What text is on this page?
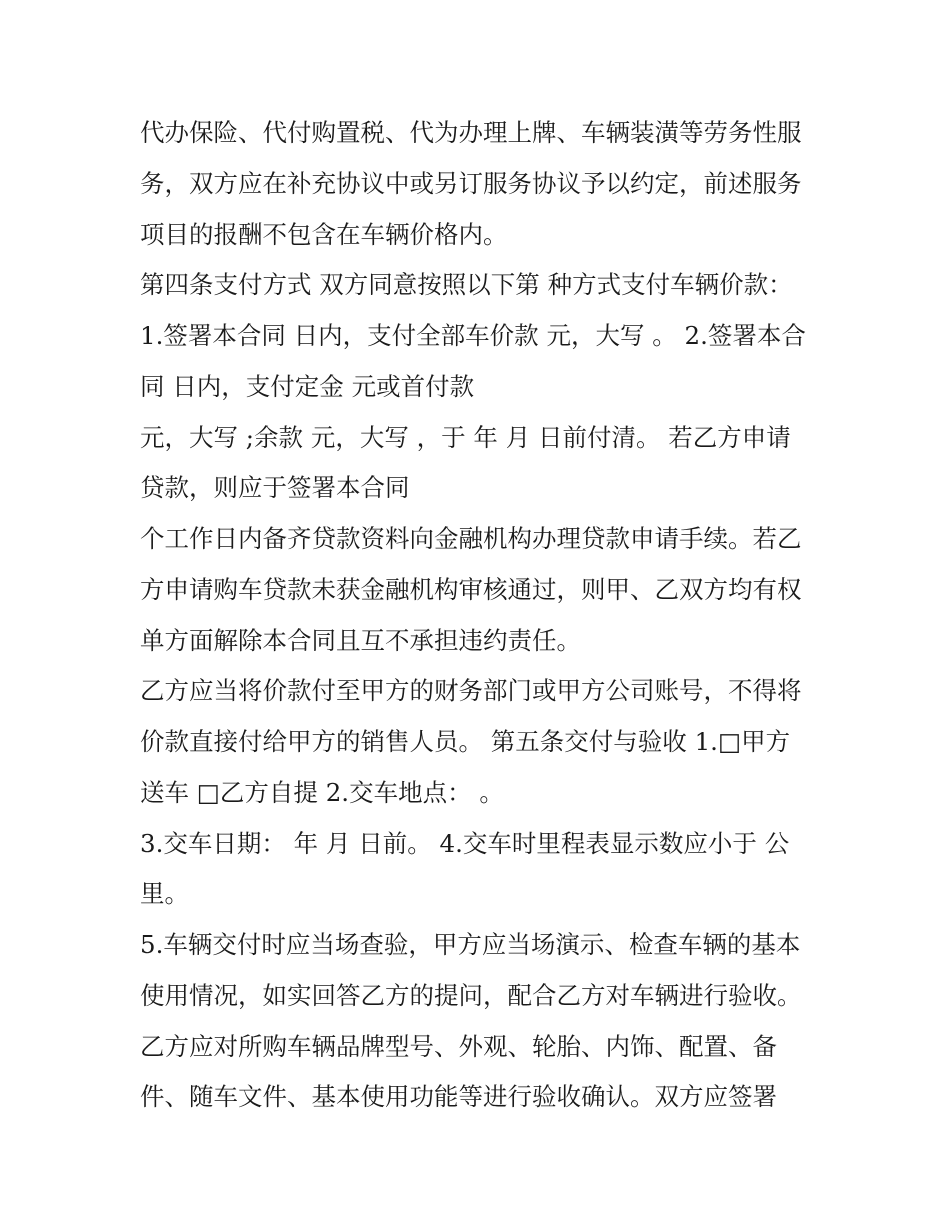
代办保险、代付购置税、代为办理上牌、车辆装潢等劳务性服
务，双方应在补充协议中或另订服务协议予以约定，前述服务
项目的报酬不包含在车辆价格内。
第四条支付方式 双方同意按照以下第 种方式支付车辆价款：
1.签署本合同 日内，支付全部车价款 元，大写 。 2.签署本合
同 日内，支付定金 元或首付款
元，大写 ;余款 元，大写 ，于 年 月 日前付清。 若乙方申请
贷款，则应于签署本合同
个工作日内备齐贷款资料向金融机构办理贷款申请手续。若乙
方申请购车贷款未获金融机构审核通过，则甲、乙双方均有权
单方面解除本合同且互不承担违约责任。
乙方应当将价款付至甲方的财务部门或甲方公司账号，不得将
价款直接付给甲方的销售人员。 第五条交付与验收 1.□甲方
送车 □乙方自提 2.交车地点： 。
3.交车日期： 年 月 日前。 4.交车时里程表显示数应小于 公
里。
5.车辆交付时应当场查验，甲方应当场演示、检查车辆的基本
使用情况，如实回答乙方的提问，配合乙方对车辆进行验收。
乙方应对所购车辆品牌型号、外观、轮胎、内饰、配置、备
件、随车文件、基本使用功能等进行验收确认。双方应签署
